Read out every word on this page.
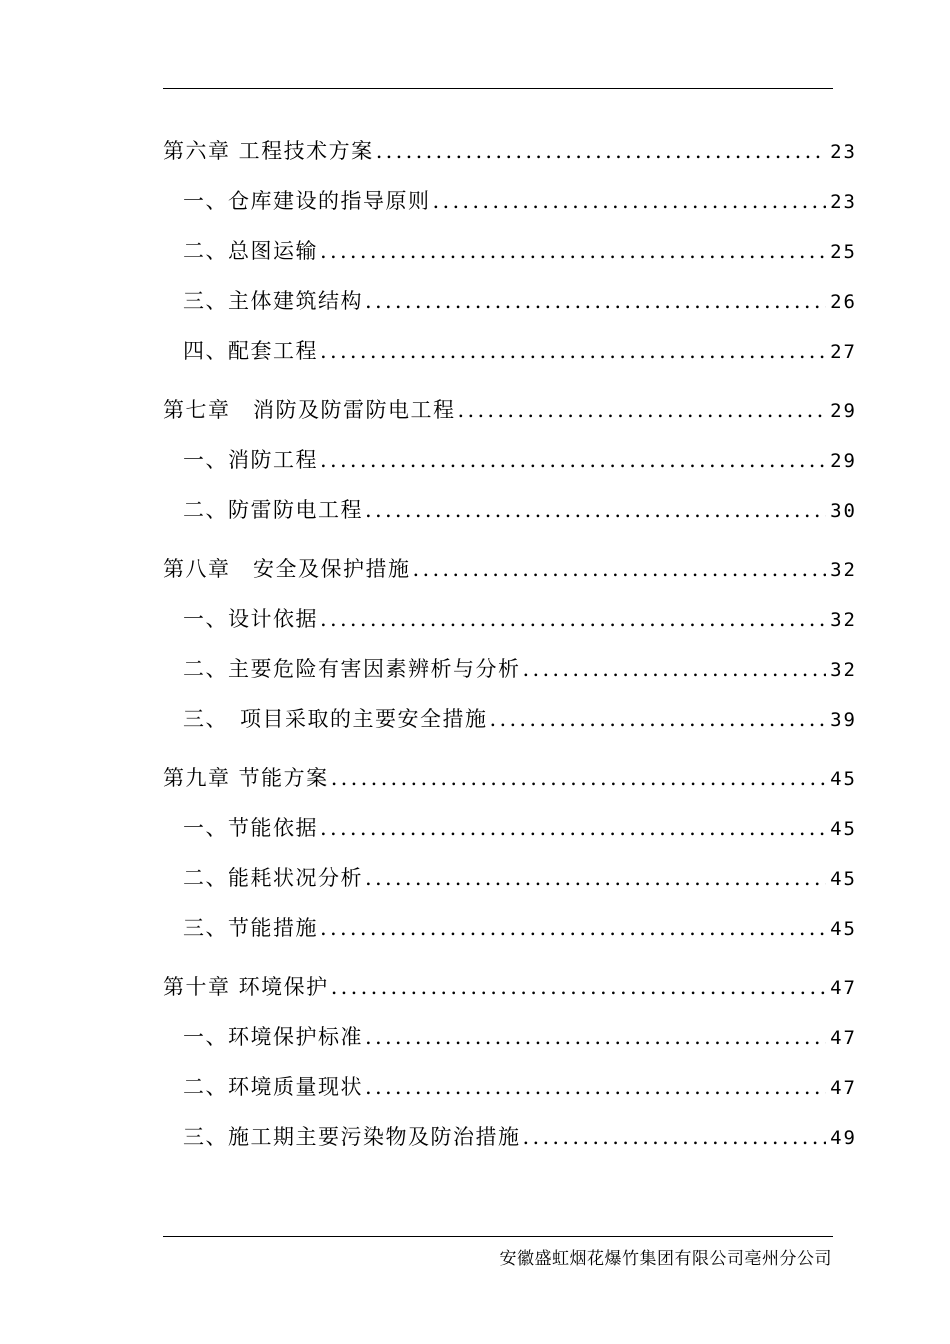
第六章 工程技术方案 .....	23
一、仓库建设的指导原则 .....	23
二、总图运输 .....	25
三、主体建筑结构 .....	26
四、配套工程 .....	27
第七章　消防及防雷防电工程 .....	29
一、消防工程 .....	29
二、防雷防电工程 .....	30
第八章　安全及保护措施 .....	32
一、设计依据 .....	32
二、主要危险有害因素辨析与分析 .....	32
三、　项目采取的主要安全措施 .....	39
第九章 节能方案 .....	45
一、节能依据 .....	45
二、能耗状况分析 .....	45
三、节能措施 .....	45
第十章 环境保护 .....	47
一、环境保护标准 .....	47
二、环境质量现状 .....	47
三、施工期主要污染物及防治措施 .....	49
安徽盛虹烟花爆竹集团有限公司亳州分公司
